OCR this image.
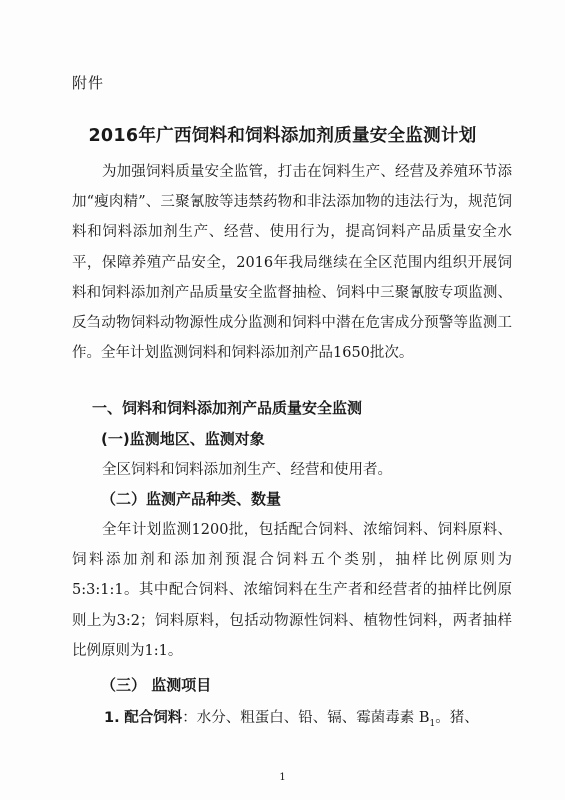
附件
2016年广西饲料和饲料添加剂质量安全监测计划
为加强饲料质量安全监管，打击在饲料生产、经营及养殖环节添加“瘦肉精”、三聚氰胺等违禁药物和非法添加物的违法行为，规范饲料和饲料添加剂生产、经营、使用行为，提高饲料产品质量安全水平，保障养殖产品安全，2016年我局继续在全区范围内组织开展饲料和饲料添加剂产品质量安全监督抽检、饲料中三聚氰胺专项监测、反刍动物饲料动物源性成分监测和饲料中潜在危害成分预警等监测工作。全年计划监测饲料和饲料添加剂产品1650批次。
一、饲料和饲料添加剂产品质量安全监测
(一)监测地区、监测对象
全区饲料和饲料添加剂生产、经营和使用者。
（二）监测产品种类、数量
全年计划监测1200批，包括配合饲料、浓缩饲料、饲料原料、饲料添加剂和添加剂预混合饲料五个类别，抽样比例原则为5:3:1:1。其中配合饲料、浓缩饲料在生产者和经营者的抽样比例原则上为3:2；饲料原料，包括动物源性饲料、植物性饲料，两者抽样比例原则为1:1。
（三） 监测项目
1. 配合饲料：水分、粗蛋白、铅、镉、霉菌毒素 $B_1$。猪、
1
